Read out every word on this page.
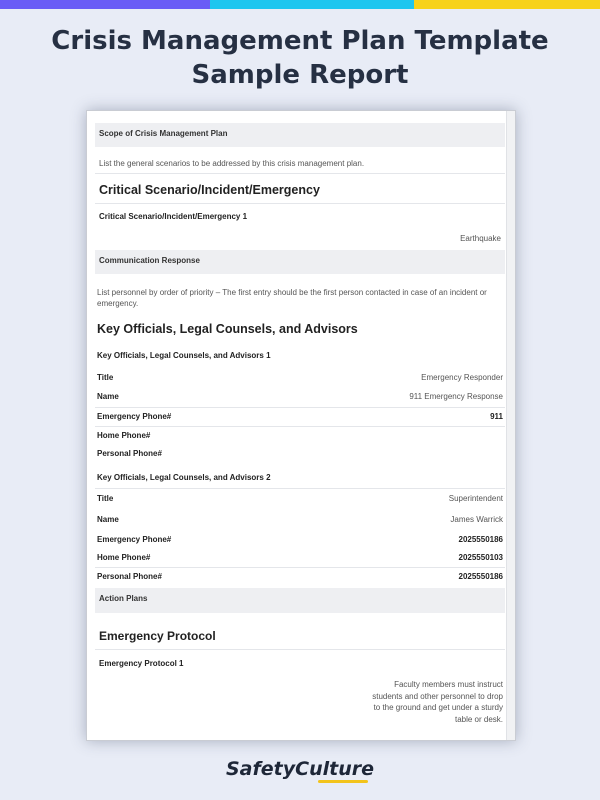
Crisis Management Plan Template
Sample Report
Scope of Crisis Management Plan
List the general scenarios to be addressed by this crisis management plan.
Critical Scenario/Incident/Emergency
Critical Scenario/Incident/Emergency 1
Earthquake
Communication Response
List personnel by order of priority – The first entry should be the first person contacted in case of an incident or
emergency.
Key Officials, Legal Counsels, and Advisors
Key Officials, Legal Counsels, and Advisors 1
Title	Emergency Responder
Name	911 Emergency Response
Emergency Phone#	911
Home Phone#
Personal Phone#
Key Officials, Legal Counsels, and Advisors 2
Title	Superintendent
Name	James Warrick
Emergency Phone#	2025550186
Home Phone#	2025550103
Personal Phone#	2025550186
Action Plans
Emergency Protocol
Emergency Protocol 1
Faculty members must instruct
students and other personnel to drop
to the ground and get under a sturdy
table or desk.
SafetyCulture
